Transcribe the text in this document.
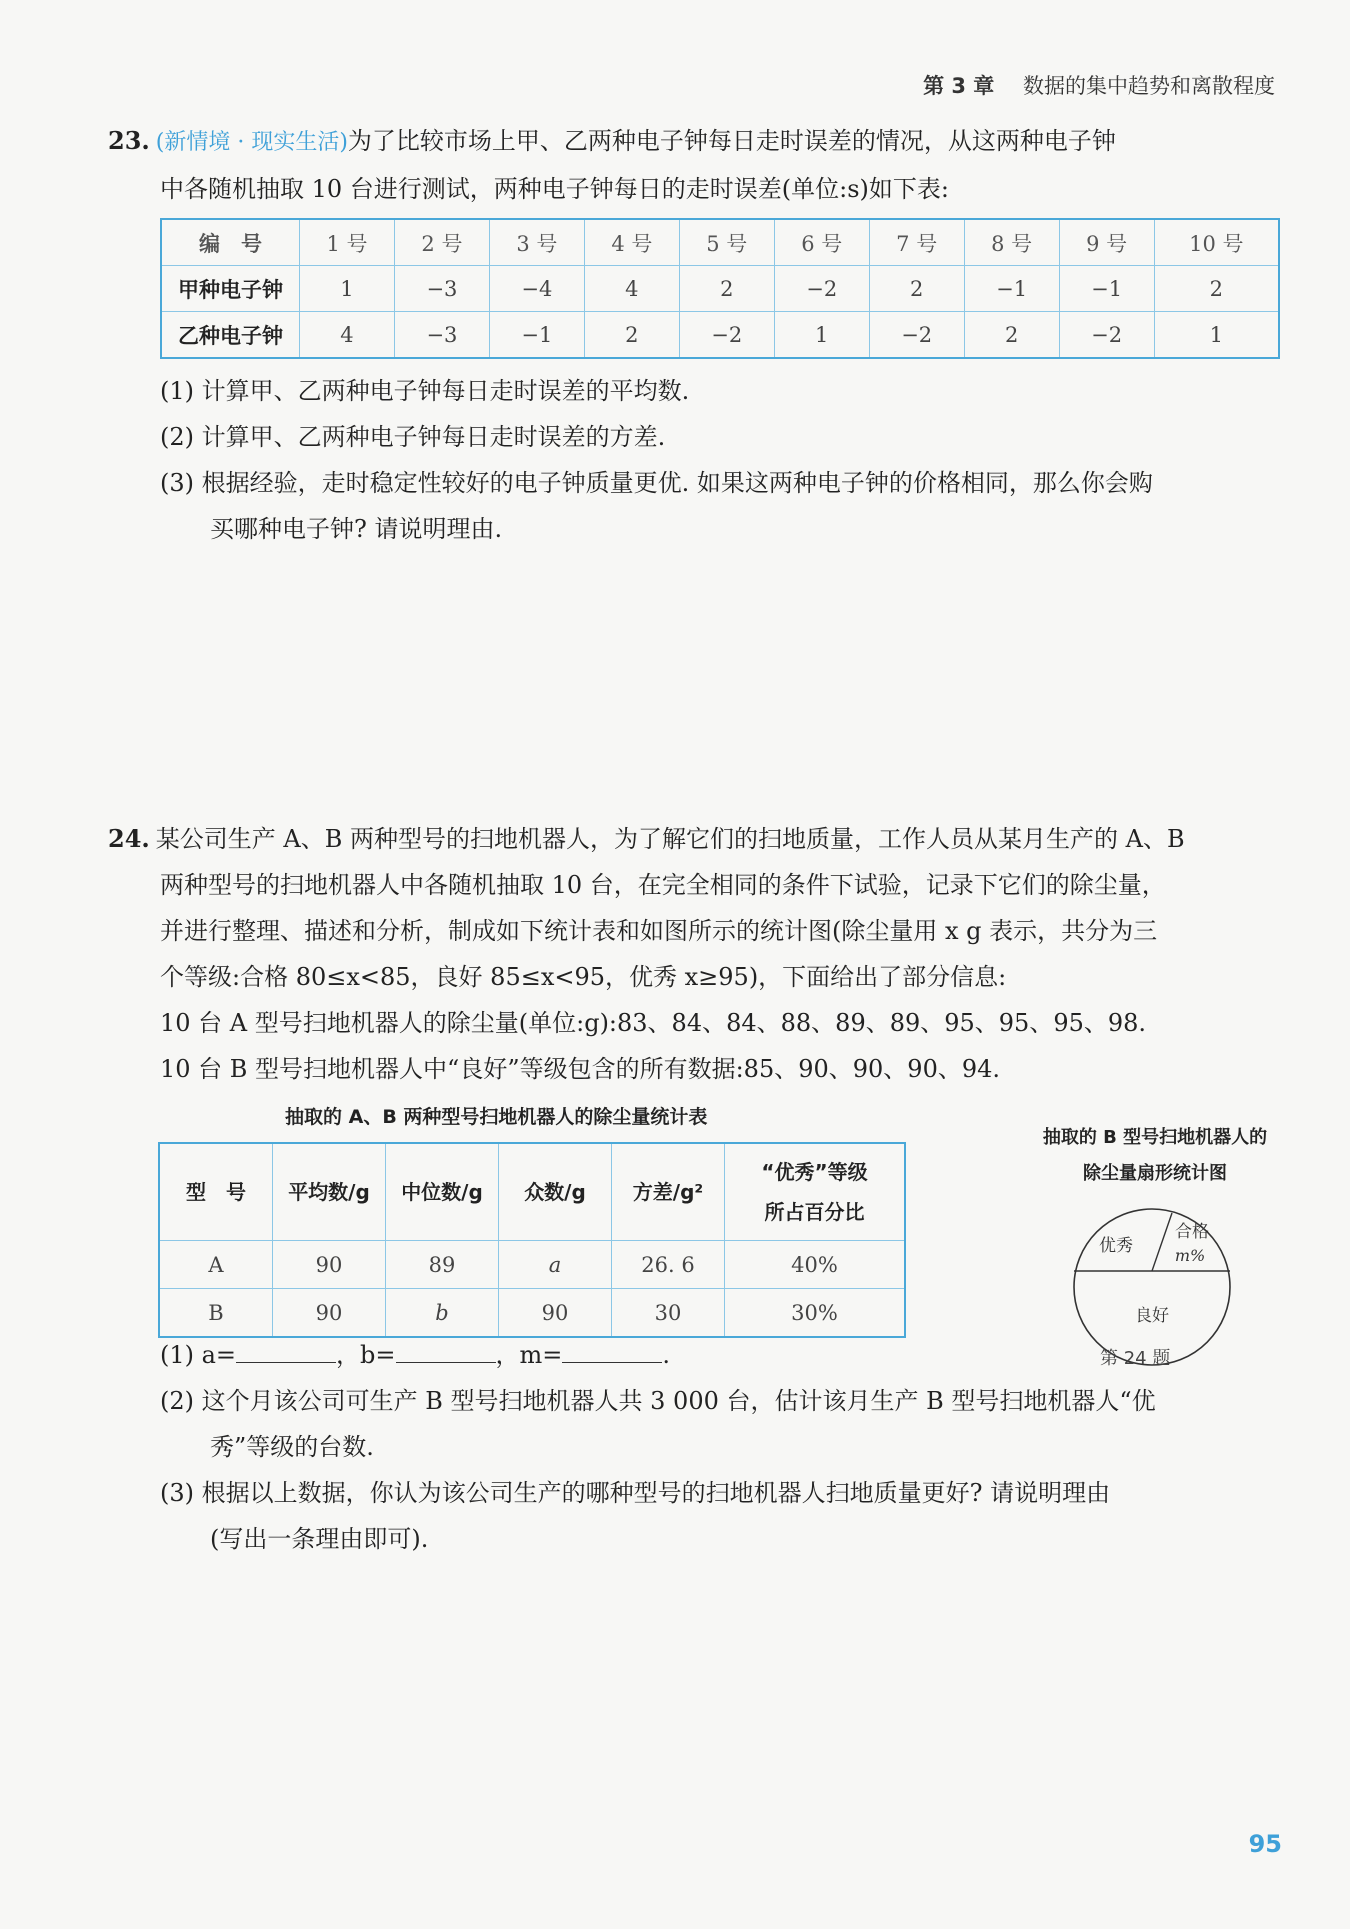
第 3 章 数据的集中趋势和离散程度

23. (新情境 · 现实生活)为了比较市场上甲、乙两种电子钟每日走时误差的情况，从这两种电子钟

中各随机抽取 10 台进行测试，两种电子钟每日的走时误差(单位:s)如下表:

编　号	1 号	2 号	3 号	4 号	5 号	6 号	7 号	8 号	9 号	10 号
甲种电子钟	1	−3	−4	4	2	−2	2	−1	−1	2
乙种电子钟	4	−3	−1	2	−2	1	−2	2	−2	1

(1) 计算甲、乙两种电子钟每日走时误差的平均数.

(2) 计算甲、乙两种电子钟每日走时误差的方差.

(3) 根据经验，走时稳定性较好的电子钟质量更优. 如果这两种电子钟的价格相同，那么你会购

买哪种电子钟? 请说明理由.

24. 某公司生产 A、B 两种型号的扫地机器人，为了解它们的扫地质量，工作人员从某月生产的 A、B

两种型号的扫地机器人中各随机抽取 10 台，在完全相同的条件下试验，记录下它们的除尘量，

并进行整理、描述和分析，制成如下统计表和如图所示的统计图(除尘量用 x g 表示，共分为三

个等级:合格 80≤x<85，良好 85≤x<95，优秀 x≥95)，下面给出了部分信息:

10 台 A 型号扫地机器人的除尘量(单位:g):83、84、84、88、89、89、95、95、95、98.

10 台 B 型号扫地机器人中“良好”等级包含的所有数据:85、90、90、90、94.

抽取的 A、B 两种型号扫地机器人的除尘量统计表
型　号	平均数/g	中位数/g	众数/g	方差/g²	“优秀”等级
所占百分比

A	90	89	a	26. 6	40%
B	90	b	90	30	30%
抽取的 B 型号扫地机器人的
除尘量扇形统计图
优秀
合格
m%
良好
第 24 题

(1) a=	，b=	，m=	.

(2) 这个月该公司可生产 B 型号扫地机器人共 3 000 台，估计该月生产 B 型号扫地机器人“优

秀”等级的台数.

(3) 根据以上数据，你认为该公司生产的哪种型号的扫地机器人扫地质量更好? 请说明理由

(写出一条理由即可).

95
